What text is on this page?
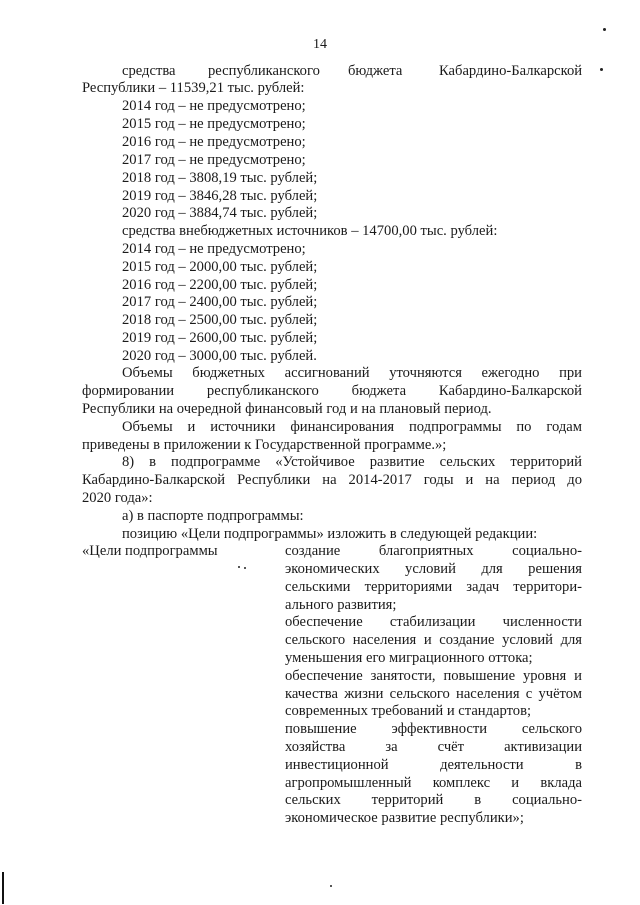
14
средства республиканского бюджета	Кабардино-Балкарской
Республики – 11539,21 тыс. рублей:
2014 год – не предусмотрено;
2015 год – не предусмотрено;
2016 год – не предусмотрено;
2017 год – не предусмотрено;
2018 год – 3808,19 тыс. рублей;
2019 год – 3846,28 тыс. рублей;
2020 год – 3884,74 тыс. рублей;
средства внебюджетных источников – 14700,00 тыс. рублей:
2014 год – не предусмотрено;
2015 год – 2000,00 тыс. рублей;
2016 год – 2200,00 тыс. рублей;
2017 год – 2400,00 тыс. рублей;
2018 год – 2500,00 тыс. рублей;
2019 год – 2600,00 тыс. рублей;
2020 год – 3000,00 тыс. рублей.
Объемы бюджетных ассигнований уточняются ежегодно при
формировании республиканского бюджета Кабардино-Балкарской
Республики на очередной финансовый год и на плановый период.
Объемы и источники финансирования подпрограммы по годам
приведены в приложении к Государственной программе.»;
8) в подпрограмме «Устойчивое развитие сельских территорий
Кабардино-Балкарской Республики на 2014-2017 годы и на период до
2020 года»:
а) в паспорте подпрограммы:
позицию «Цели подпрограммы» изложить в следующей редакции:
«Цели подпрограммы	создание благоприятных социально-
экономических условий для решения
сельскими территориями задач территори-
ального развития;
обеспечение стабилизации численности
сельского населения и создание условий для
уменьшения его миграционного оттока;
обеспечение занятости, повышение уровня и
качества жизни сельского населения с учётом
современных требований и стандартов;
повышение эффективности сельского
хозяйства за счёт активизации
инвестиционной деятельности в
агропромышленный комплекс и вклада
сельских территорий в социально-
экономическое развитие республики»;
